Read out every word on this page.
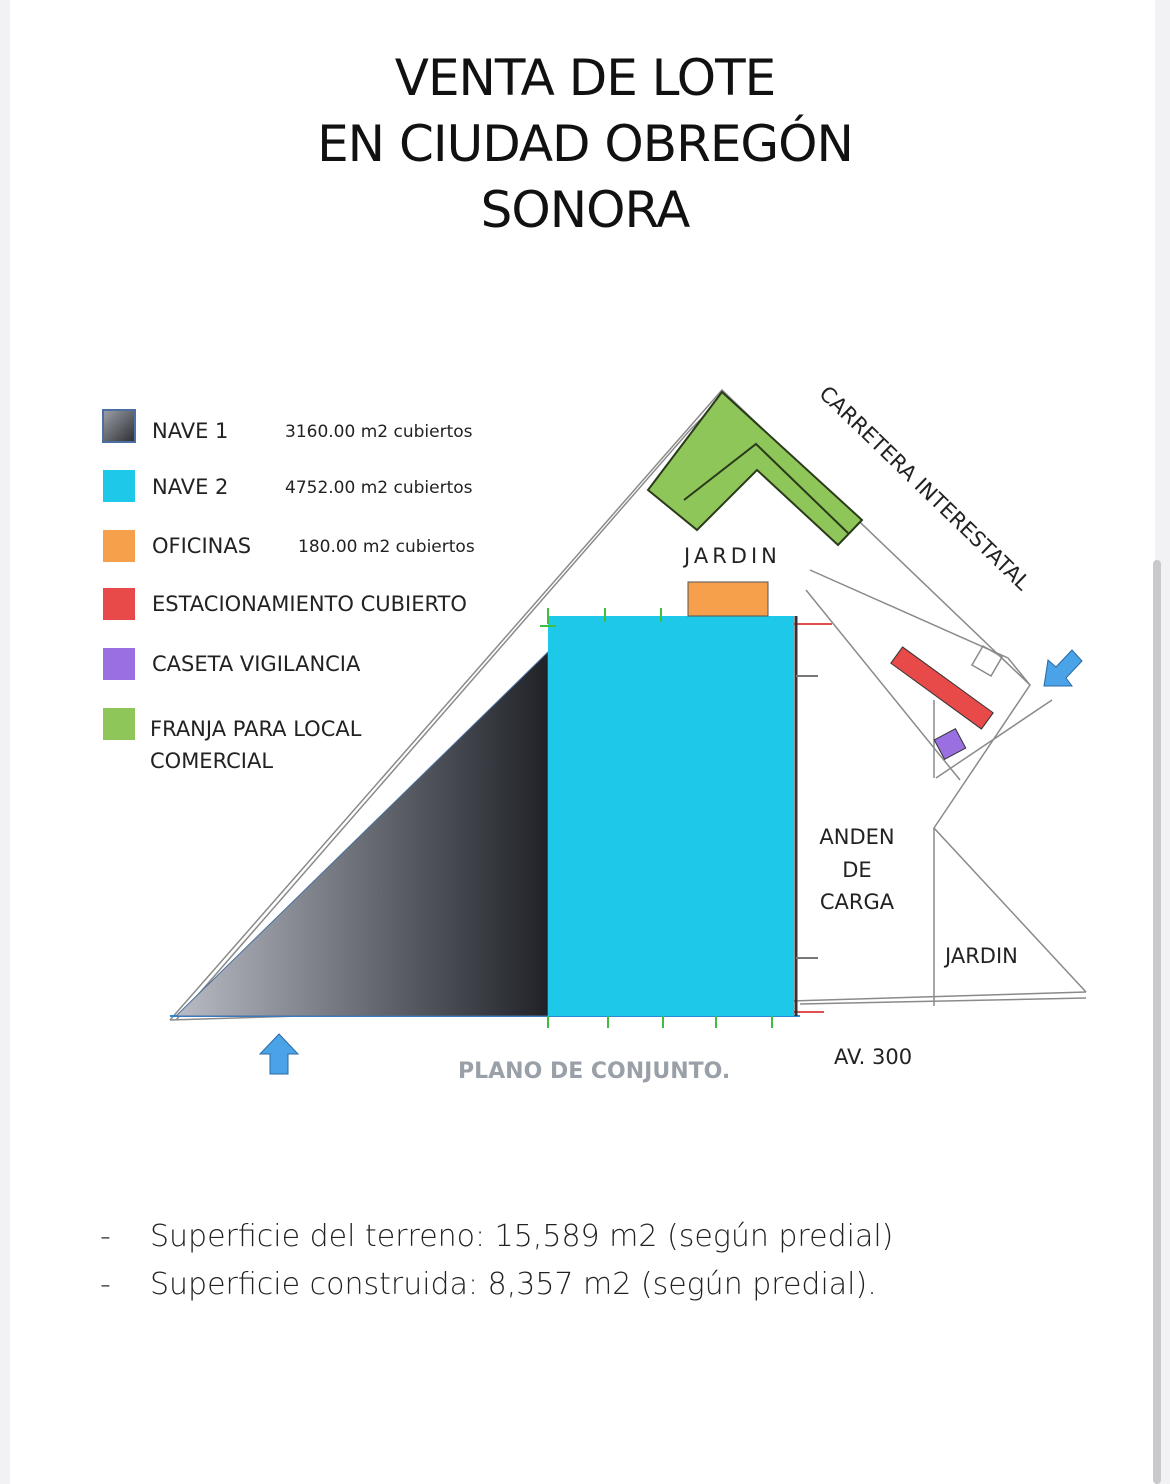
VENTA DE LOTE
EN CIUDAD OBREGÓN
SONORA
NAVE 1	3160.00 m2 cubiertos
NAVE 2	4752.00 m2 cubiertos
OFICINAS	180.00 m2 cubiertos
ESTACIONAMIENTO CUBIERTO
CASETA VIGILANCIA
FRANJA PARA LOCAL
COMERCIAL
JARDIN
JARDIN
CARRETERA INTERESTATAL
ANDEN
DE
CARGA
AV. 300
PLANO DE CONJUNTO.
-	Superficie del terreno: 15,589 m2 (según predial)
-	Superficie construida: 8,357 m2 (según predial).
